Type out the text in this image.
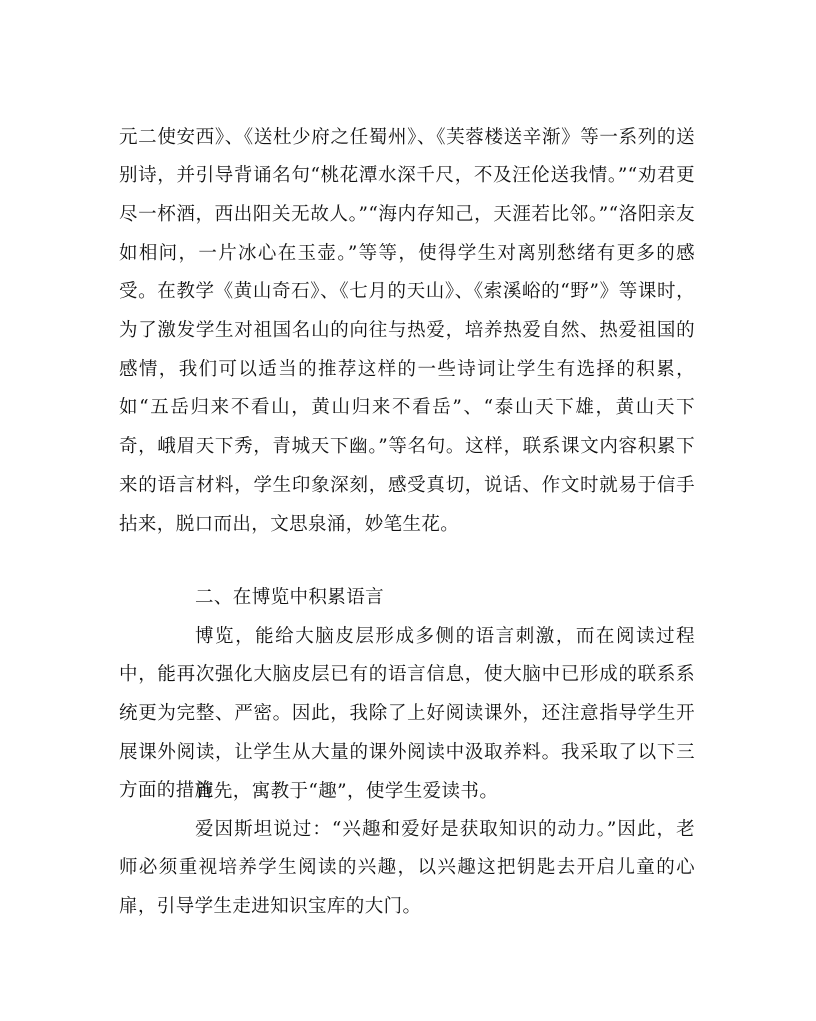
元二使安西》、《送杜少府之任蜀州》、《芙蓉楼送辛渐》等一系列的送别诗，并引导背诵名句“桃花潭水深千尺，不及汪伦送我情。”“劝君更尽一杯酒，西出阳关无故人。”“海内存知己，天涯若比邻。”“洛阳亲友如相问，一片冰心在玉壶。”等等，使得学生对离别愁绪有更多的感受。在教学《黄山奇石》、《七月的天山》、《索溪峪的“野”》等课时，为了激发学生对祖国名山的向往与热爱，培养热爱自然、热爱祖国的感情，我们可以适当的推荐这样的一些诗词让学生有选择的积累，如“五岳归来不看山，黄山归来不看岳”、“泰山天下雄，黄山天下奇，峨眉天下秀，青城天下幽。”等名句。这样，联系课文内容积累下来的语言材料，学生印象深刻，感受真切，说话、作文时就易于信手拈来，脱口而出，文思泉涌，妙笔生花。

二、在博览中积累语言

博览，能给大脑皮层形成多侧的语言刺激，而在阅读过程中，能再次强化大脑皮层已有的语言信息，使大脑中已形成的联系系统更为完整、严密。因此，我除了上好阅读课外，还注意指导学生开展课外阅读，让学生从大量的课外阅读中汲取养料。我采取了以下三方面的措施

首先，寓教于“趣”，使学生爱读书。

爱因斯坦说过：“兴趣和爱好是获取知识的动力。”因此，老师必须重视培养学生阅读的兴趣，以兴趣这把钥匙去开启儿童的心扉，引导学生走进知识宝库的大门。
